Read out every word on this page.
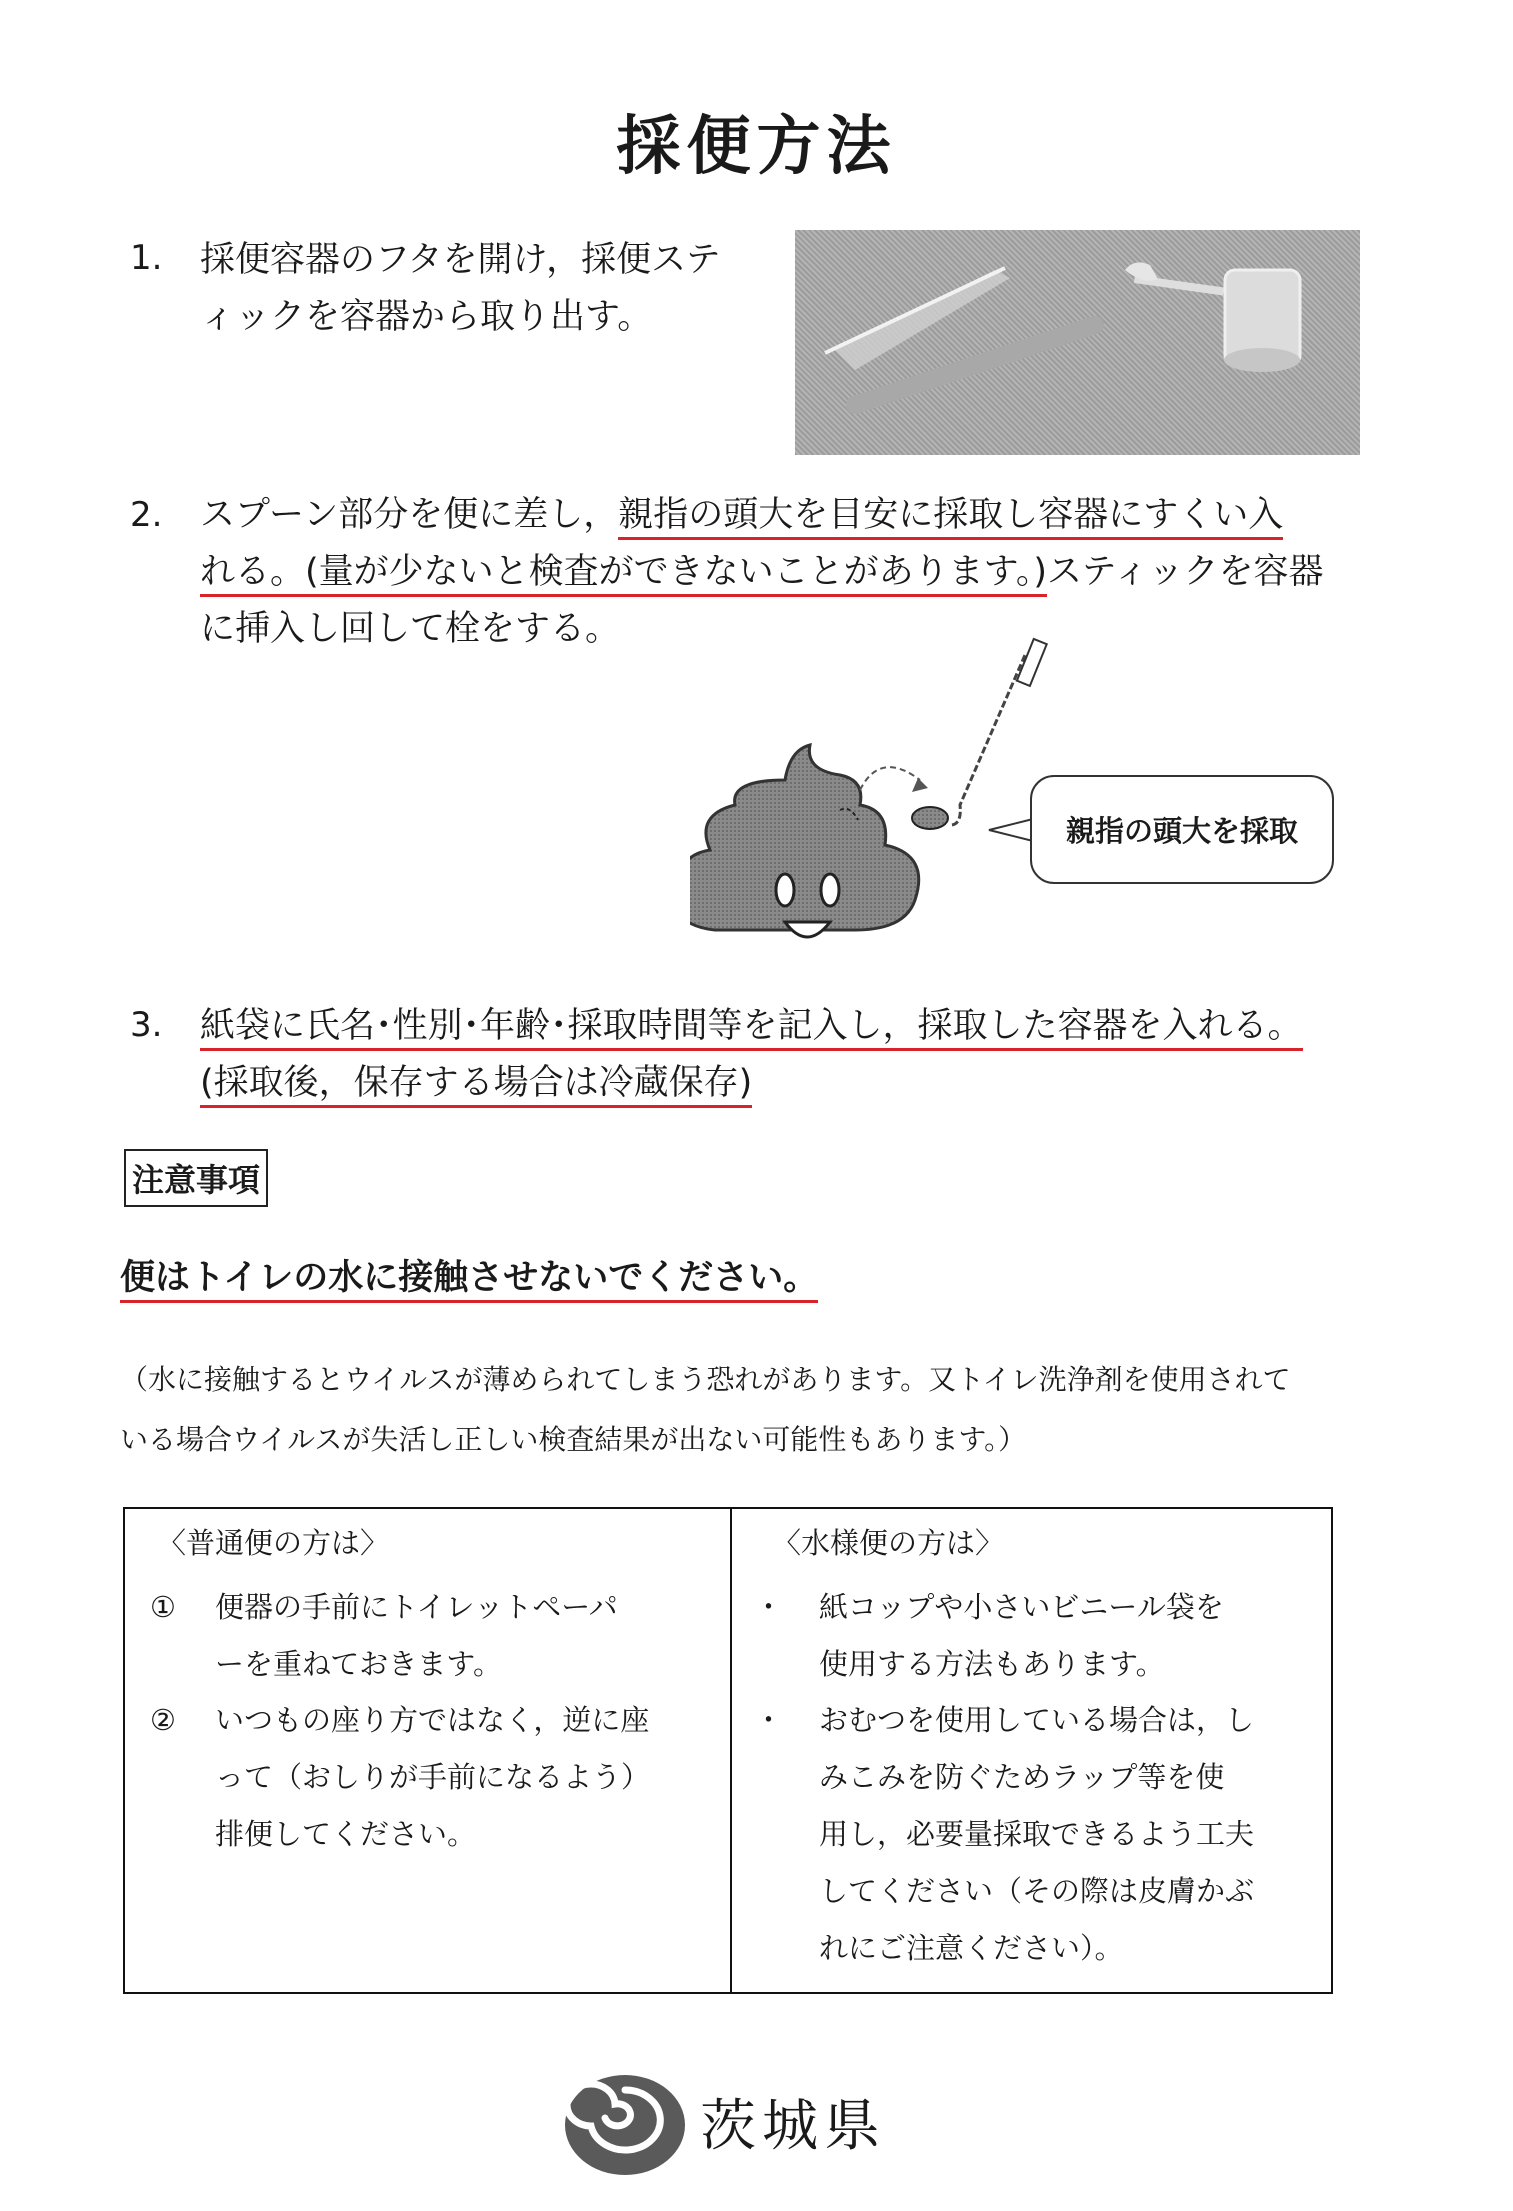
採便方法
1. 採便容器のフタを開け，採便ステ
ィックを容器から取り出す。
2. スプーン部分を便に差し，親指の頭大を目安に採取し容器にすくい入
れる。(量が少ないと検査ができないことがあります。)スティックを容器
に挿入し回して栓をする。
親指の頭大を採取
3. 紙袋に氏名･性別･年齢･採取時間等を記入し，採取した容器を入れる。
(採取後，保存する場合は冷蔵保存)
注意事項
便はトイレの水に接触させないでください。
（水に接触するとウイルスが薄められてしまう恐れがあります。又トイレ洗浄剤を使用されて
いる場合ウイルスが失活し正しい検査結果が出ない可能性もあります。）
〈普通便の方は〉
① 便器の手前にトイレットペーパ
ーを重ねておきます。
② いつもの座り方ではなく，逆に座
って（おしりが手前になるよう）
排便してください。
〈水様便の方は〉
・ 紙コップや小さいビニール袋を
使用する方法もあります。
・ おむつを使用している場合は，し
みこみを防ぐためラップ等を使
用し，必要量採取できるよう工夫
してください（その際は皮膚かぶ
れにご注意ください）。
茨城県
